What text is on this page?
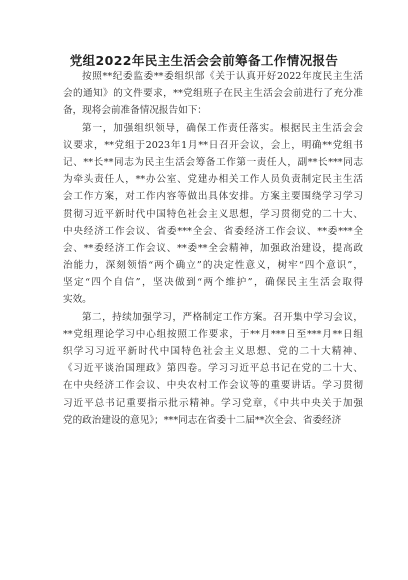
党组2022年民主生活会会前筹备工作情况报告
按照**纪委监委**委组织部《关于认真开好2022年度民主生活
会的通知》的文件要求，**党组班子在民主生活会会前进行了充分准
备，现将会前准备情况报告如下：
第一，加强组织领导，确保工作责任落实。根据民主生活会会
议要求，**党组于2023年1月**日召开会议，会上，明确**党组书
记、**长**同志为民主生活会筹备工作第一责任人，副**长***同志
为牵头责任人，**办公室、党建办相关工作人员负责制定民主生活
会工作方案，对工作内容等做出具体安排。方案主要围绕学习学习
贯彻习近平新时代中国特色社会主义思想，学习贯彻党的二十大、
中央经济工作会议、省委***全会、省委经济工作会议、**委***全
会、**委经济工作会议、**委**全会精神，加强政治建设，提高政
治能力，深刻领悟“两个确立”的决定性意义，树牢“四个意识”，
坚定“四个自信”，坚决做到“两个维护”，确保民主生活会取得
实效。
第二，持续加强学习，严格制定工作方案。召开集中学习会议，
**党组理论学习中心组按照工作要求，于**月***日至***月**日组
织学习习近平新时代中国特色社会主义思想、党的二十大精神、
《习近平谈治国理政》第四卷。学习习近平总书记在党的二十大、
在中央经济工作会议、中央农村工作会议等的重要讲话。学习贯彻
习近平总书记重要指示批示精神。学习党章，《中共中央关于加强
党的政治建设的意见》；***同志在省委十二届**次全会、省委经济
